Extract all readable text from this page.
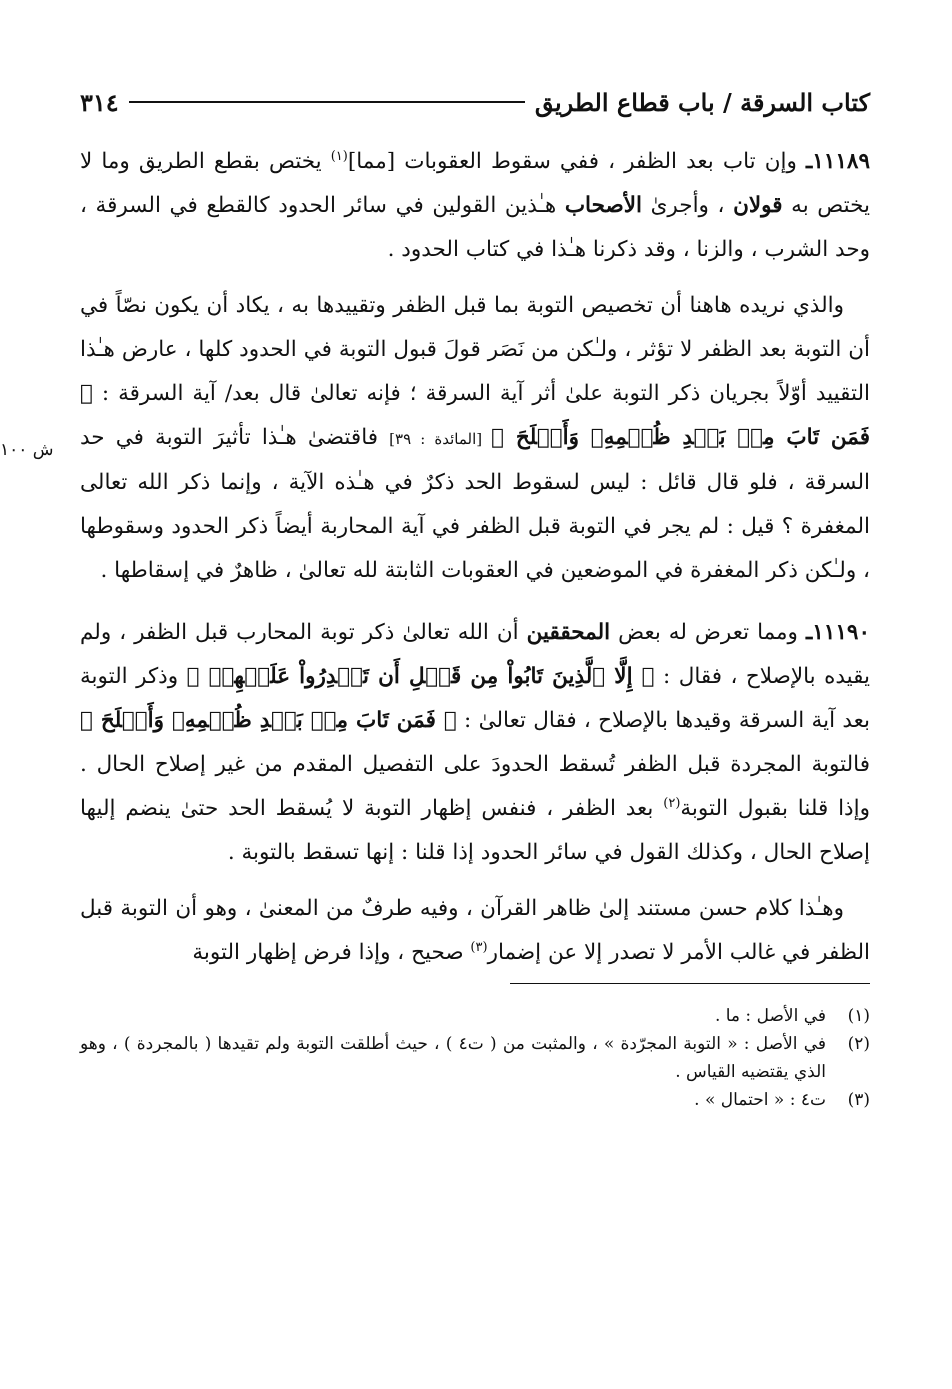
كتاب السرقة / باب قطاع الطريق
٣١٤
ش ١٠٠

١١١٨٩ـ وإن تاب بعد الظفر ، ففي سقوط العقوبات [مما]$^{(١)}$ يختص بقطع الطريق وما لا يختص به قولان ، وأجرىٰ الأصحاب هـٰذين القولين في سائر الحدود كالقطع في السرقة ، وحد الشرب ، والزنا ، وقد ذكرنا هـٰذا في كتاب الحدود .

والذي نريده هاهنا أن تخصيص التوبة بما قبل الظفر وتقييدها به ، يكاد أن يكون نصّاً في أن التوبة بعد الظفر لا تؤثر ، ولـٰكن من نَصَر قولَ قبول التوبة في الحدود كلها ، عارض هـٰذا التقييد أوّلاً بجريان ذكر التوبة علىٰ أثر آية السرقة ؛ فإنه تعالىٰ قال بعد/ آية السرقة : ﴿ فَمَن تَابَ مِنۢ بَعۡدِ ظُلۡمِهِۦ وَأَصۡلَحَ ﴾ [المائدة : ٣٩] فاقتضىٰ هـٰذا تأثيرَ التوبة في حد السرقة ، فلو قال قائل : ليس لسقوط الحد ذكرٌ في هـٰذه الآية ، وإنما ذكر الله تعالى المغفرة ؟ قيل : لم يجر في التوبة قبل الظفر في آية المحاربة أيضاً ذكر الحدود وسقوطها ، ولـٰكن ذكر المغفرة في الموضعين في العقوبات الثابتة لله تعالىٰ ، ظاهرٌ في إسقاطها .

١١١٩٠ـ ومما تعرض له بعض المحققين أن الله تعالىٰ ذكر توبة المحارب قبل الظفر ، ولم يقيده بالإصلاح ، فقال : ﴿ إِلَّا ٱلَّذِينَ تَابُواْ مِن قَبۡلِ أَن تَقۡدِرُواْ عَلَيۡهِمۡ ﴾ وذكر التوبة بعد آية السرقة وقيدها بالإصلاح ، فقال تعالىٰ : ﴿ فَمَن تَابَ مِنۢ بَعۡدِ ظُلۡمِهِۦ وَأَصۡلَحَ ﴾ فالتوبة المجردة قبل الظفر تُسقط الحدودَ على التفصيل المقدم من غير إصلاح الحال . وإذا قلنا بقبول التوبة$^{(٢)}$ بعد الظفر ، فنفس إظهار التوبة لا يُسقط الحد حتىٰ ينضم إليها إصلاح الحال ، وكذلك القول في سائر الحدود إذا قلنا : إنها تسقط بالتوبة .

وهـٰذا كلام حسن مستند إلىٰ ظاهر القرآن ، وفيه طرفٌ من المعنىٰ ، وهو أن التوبة قبل الظفر في غالب الأمر لا تصدر إلا عن إضمار$^{(٣)}$ صحيح ، وإذا فرض إظهار التوبة

(١)
في الأصل : ما .
(٢)
في الأصل : « التوبة المجرّدة » ، والمثبت من ( ت٤ ) ، حيث أطلقت التوبة ولم تقيدها ( بالمجردة ) ، وهو الذي يقتضيه القياس .
(٣)
ت٤ : « احتمال » .
